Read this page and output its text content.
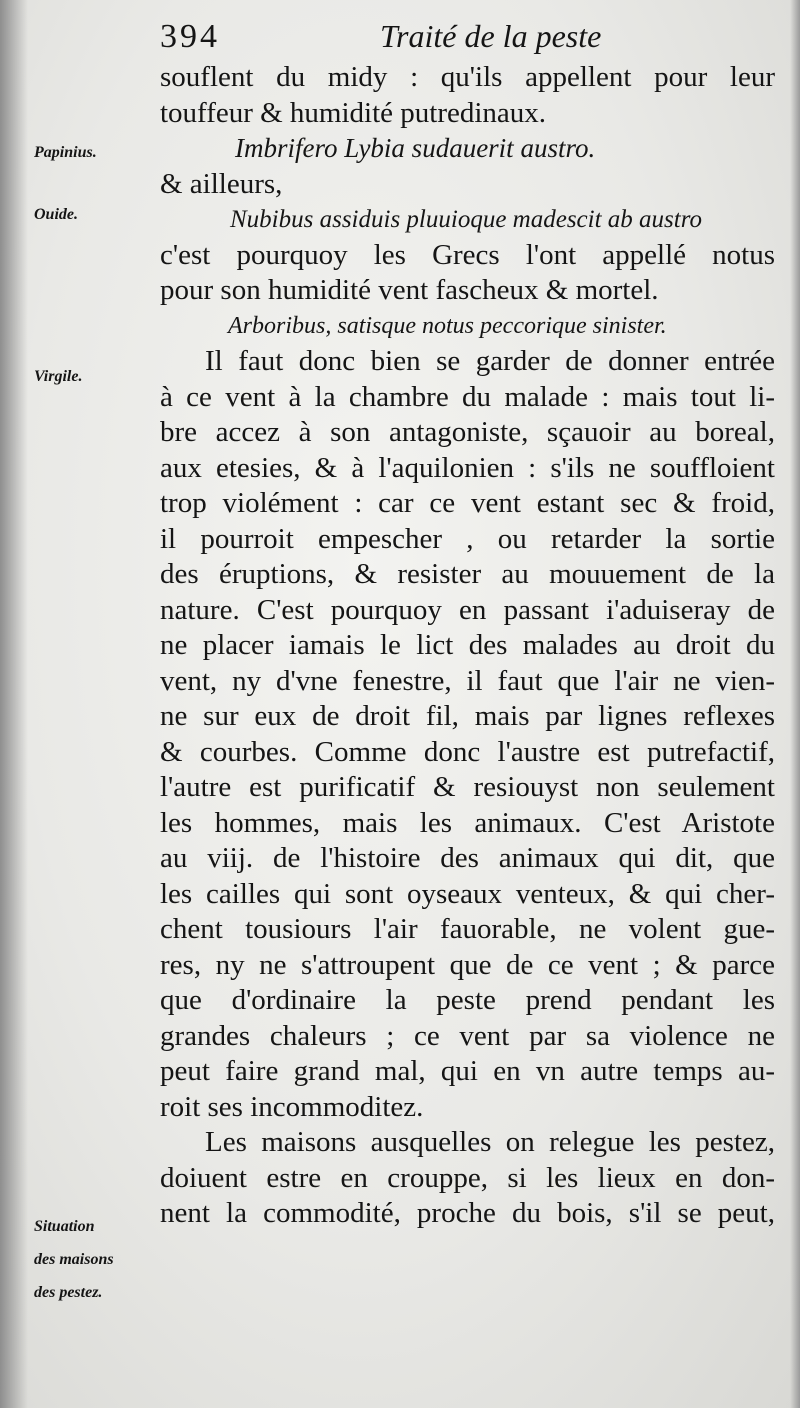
394	Traité de la peste
Papinius.
Ouide.
Virgile.
Situation
des maisons
des pestez.
souflent du midy : qu'ils appellent pour leur
touffeur & humidité putredinaux.
Imbrifero Lybia sudauerit austro.
& ailleurs,
Nubibus assiduis pluuioque madescit ab austro
c'est pourquoy les Grecs l'ont appellé notus
pour son humidité vent fascheux & mortel.
Arboribus, satisque notus peccorique sinister.
Il faut donc bien se garder de donner entrée
à ce vent à la chambre du malade : mais tout li-
bre accez à son antagoniste, sçauoir au boreal,
aux etesies, & à l'aquilonien : s'ils ne souffloient
trop violément : car ce vent estant sec & froid,
il pourroit empescher , ou retarder la sortie
des éruptions, & resister au mouuement de la
nature. C'est pourquoy en passant i'aduiseray de
ne placer iamais le lict des malades au droit du
vent, ny d'vne fenestre, il faut que l'air ne vien-
ne sur eux de droit fil, mais par lignes reflexes
& courbes. Comme donc l'austre est putrefactif,
l'autre est purificatif & resiouyst non seulement
les hommes, mais les animaux. C'est Aristote
au viij. de l'histoire des animaux qui dit, que
les cailles qui sont oyseaux venteux, & qui cher-
chent tousiours l'air fauorable, ne volent gue-
res, ny ne s'attroupent que de ce vent ; & parce
que d'ordinaire la peste prend pendant les
grandes chaleurs ; ce vent par sa violence ne
peut faire grand mal, qui en vn autre temps au-
roit ses incommoditez.
Les maisons ausquelles on relegue les pestez,
doiuent estre en crouppe, si les lieux en don-
nent la commodité, proche du bois, s'il se peut,
